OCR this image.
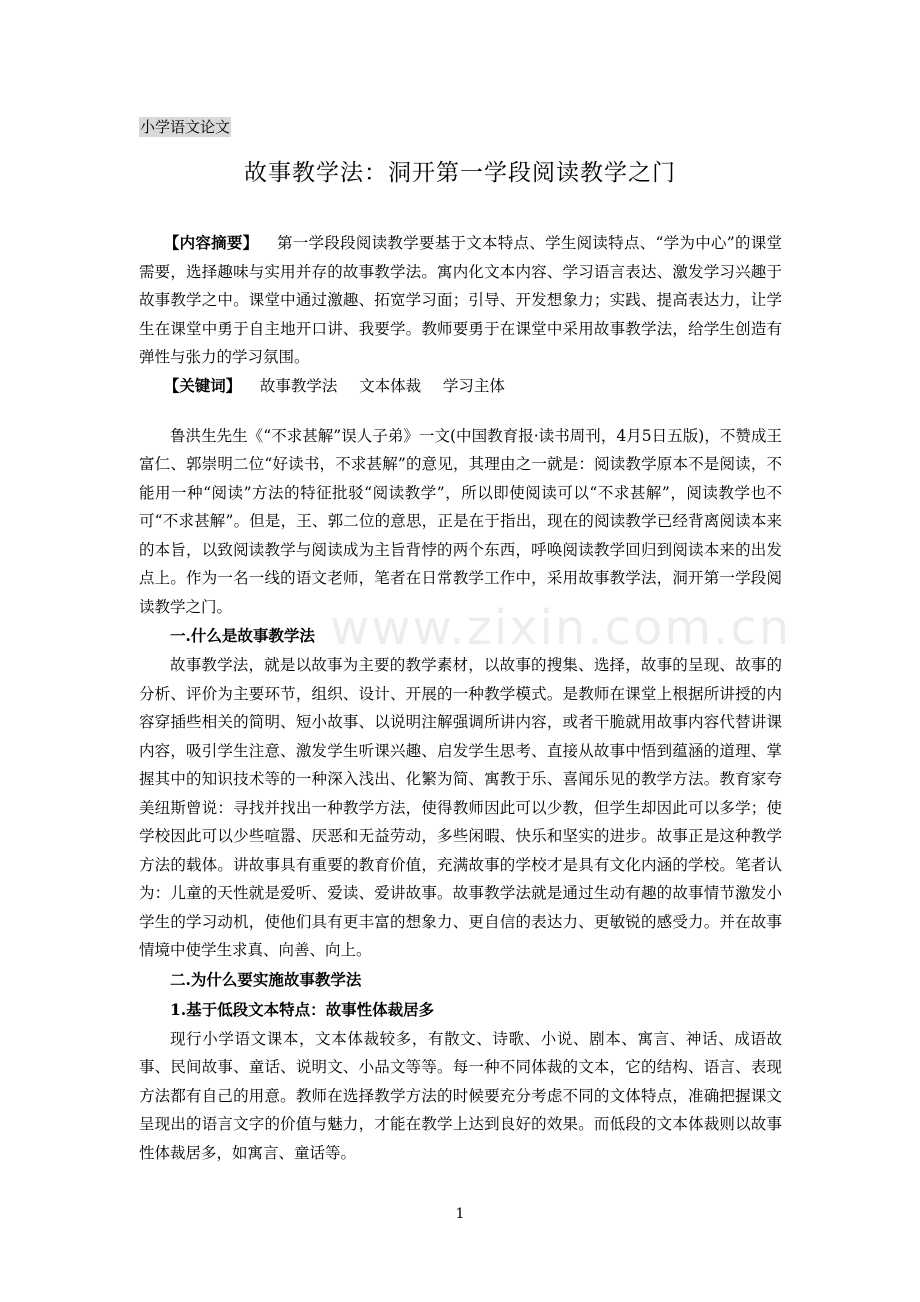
小学语文论文
故事教学法：洞开第一学段阅读教学之门

【内容摘要】 第一学段段阅读教学要基于文本特点、学生阅读特点、“学为中心”的课堂需要，选择趣味与实用并存的故事教学法。寓内化文本内容、学习语言表达、激发学习兴趣于故事教学之中。课堂中通过激趣、拓宽学习面；引导、开发想象力；实践、提高表达力，让学生在课堂中勇于自主地开口讲、我要学。教师要勇于在课堂中采用故事教学法，给学生创造有弹性与张力的学习氛围。

【关键词】 故事教学法 文本体裁 学习主体

鲁洪生先生《“不求甚解”误人子弟》一文(中国教育报·读书周刊，4月5日五版)，不赞成王富仁、郭崇明二位“好读书，不求甚解”的意见，其理由之一就是：阅读教学原本不是阅读，不能用一种“阅读”方法的特征批驳“阅读教学”，所以即使阅读可以“不求甚解”，阅读教学也不可“不求甚解”。但是，王、郭二位的意思，正是在于指出，现在的阅读教学已经背离阅读本来的本旨，以致阅读教学与阅读成为主旨背悖的两个东西，呼唤阅读教学回归到阅读本来的出发点上。作为一名一线的语文老师，笔者在日常教学工作中，采用故事教学法，洞开第一学段阅读教学之门。

一.什么是故事教学法

故事教学法，就是以故事为主要的教学素材，以故事的搜集、选择，故事的呈现、故事的分析、评价为主要环节，组织、设计、开展的一种教学模式。是教师在课堂上根据所讲授的内容穿插些相关的简明、短小故事、以说明注解强调所讲内容，或者干脆就用故事内容代替讲课内容，吸引学生注意、激发学生听课兴趣、启发学生思考、直接从故事中悟到蕴涵的道理、掌握其中的知识技术等的一种深入浅出、化繁为简、寓教于乐、喜闻乐见的教学方法。教育家夸美纽斯曾说：寻找并找出一种教学方法，使得教师因此可以少教，但学生却因此可以多学；使学校因此可以少些喧嚣、厌恶和无益劳动，多些闲暇、快乐和坚实的进步。故事正是这种教学方法的载体。讲故事具有重要的教育价值，充满故事的学校才是具有文化内涵的学校。笔者认为：儿童的天性就是爱听、爱读、爱讲故事。故事教学法就是通过生动有趣的故事情节激发小学生的学习动机，使他们具有更丰富的想象力、更自信的表达力、更敏锐的感受力。并在故事情境中使学生求真、向善、向上。

二.为什么要实施故事教学法

1.基于低段文本特点：故事性体裁居多

现行小学语文课本，文本体裁较多，有散文、诗歌、小说、剧本、寓言、神话、成语故事、民间故事、童话、说明文、小品文等等。每一种不同体裁的文本，它的结构、语言、表现方法都有自己的用意。教师在选择教学方法的时候要充分考虑不同的文体特点，准确把握课文呈现出的语言文字的价值与魅力，才能在教学上达到良好的效果。而低段的文本体裁则以故事性体裁居多，如寓言、童话等。

www.zixin.com.cn
1
